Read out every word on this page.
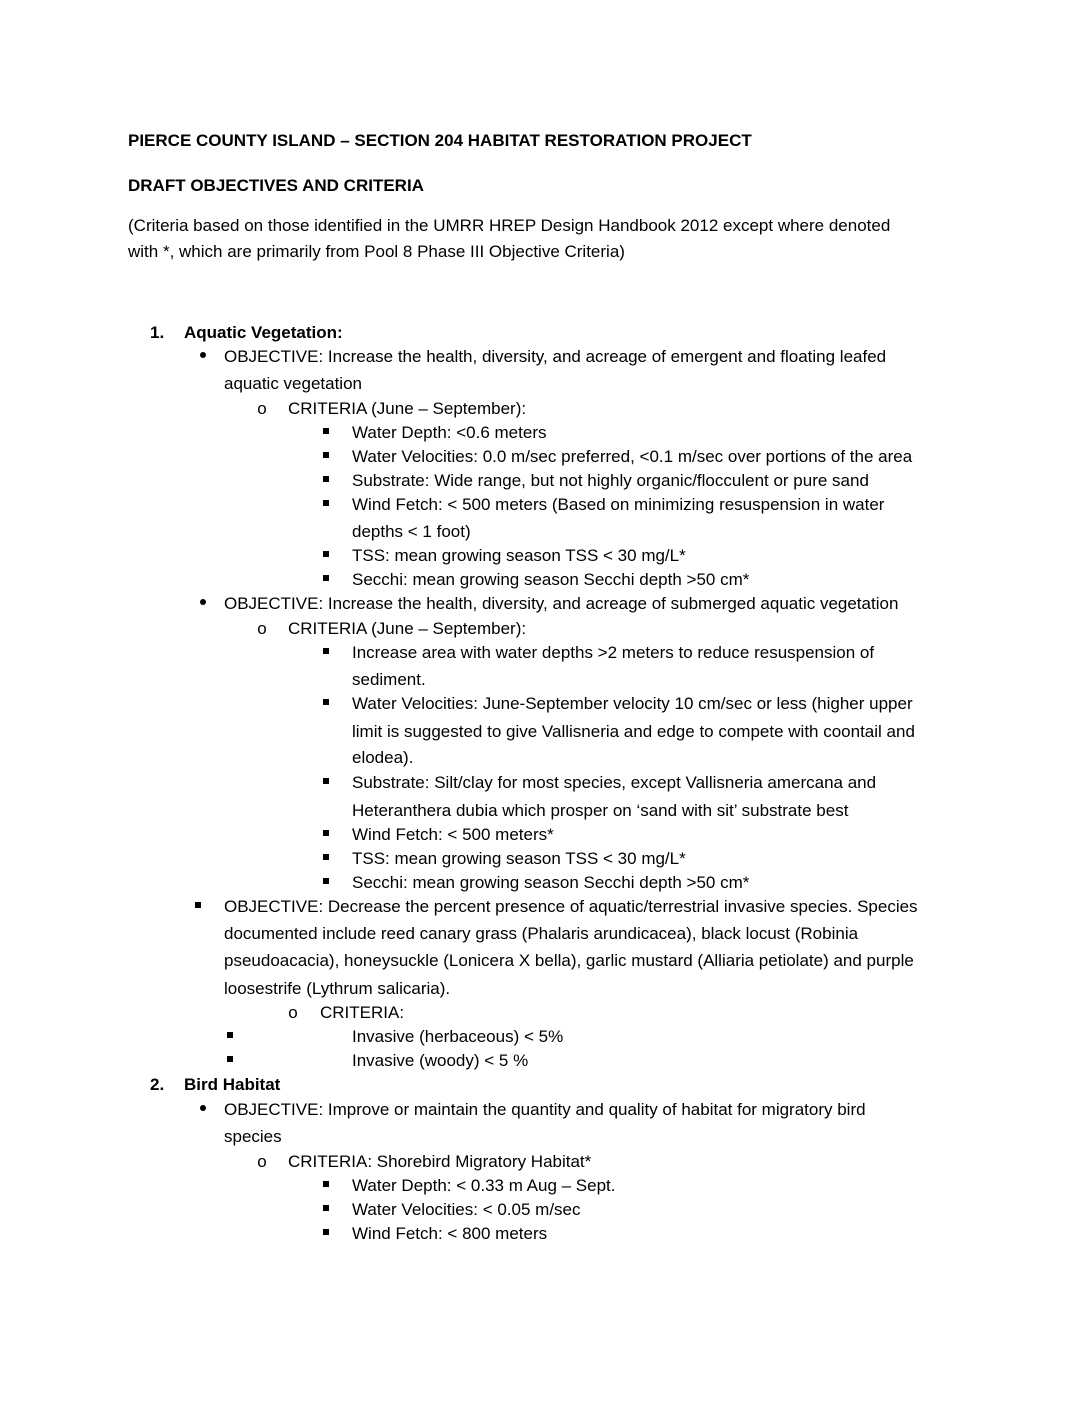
PIERCE COUNTY ISLAND – SECTION 204 HABITAT RESTORATION PROJECT
DRAFT OBJECTIVES AND CRITERIA
(Criteria based on those identified in the UMRR HREP Design Handbook 2012 except where denoted
with *, which are primarily from Pool 8 Phase III Objective Criteria)
1. Aquatic Vegetation:
OBJECTIVE: Increase the health, diversity, and acreage of emergent and floating leafed
aquatic vegetation
o	CRITERIA (June – September):
Water Depth: <0.6 meters
Water Velocities: 0.0 m/sec preferred, <0.1 m/sec over portions of the area
Substrate: Wide range, but not highly organic/flocculent or pure sand
Wind Fetch: < 500 meters (Based on minimizing resuspension in water
depths < 1 foot)
TSS: mean growing season TSS < 30 mg/L*
Secchi: mean growing season Secchi depth >50 cm*
OBJECTIVE: Increase the health, diversity, and acreage of submerged aquatic vegetation
o	CRITERIA (June – September):
Increase area with water depths >2 meters to reduce resuspension of
sediment.
Water Velocities: June-September velocity 10 cm/sec or less (higher upper
limit is suggested to give Vallisneria and edge to compete with coontail and
elodea).
Substrate: Silt/clay for most species, except Vallisneria amercana and
Heteranthera dubia which prosper on ‘sand with sit’ substrate best
Wind Fetch: < 500 meters*
TSS: mean growing season TSS < 30 mg/L*
Secchi: mean growing season Secchi depth >50 cm*
OBJECTIVE: Decrease the percent presence of aquatic/terrestrial invasive species. Species
documented include reed canary grass (Phalaris arundicacea), black locust (Robinia
pseudoacacia), honeysuckle (Lonicera X bella), garlic mustard (Alliaria petiolate) and purple
loosestrife (Lythrum salicaria).
o	CRITERIA:
Invasive (herbaceous) < 5%
Invasive (woody) < 5 %
2. Bird Habitat
OBJECTIVE: Improve or maintain the quantity and quality of habitat for migratory bird
species
o	CRITERIA: Shorebird Migratory Habitat*
Water Depth: < 0.33 m Aug – Sept.
Water Velocities: < 0.05 m/sec
Wind Fetch: < 800 meters
